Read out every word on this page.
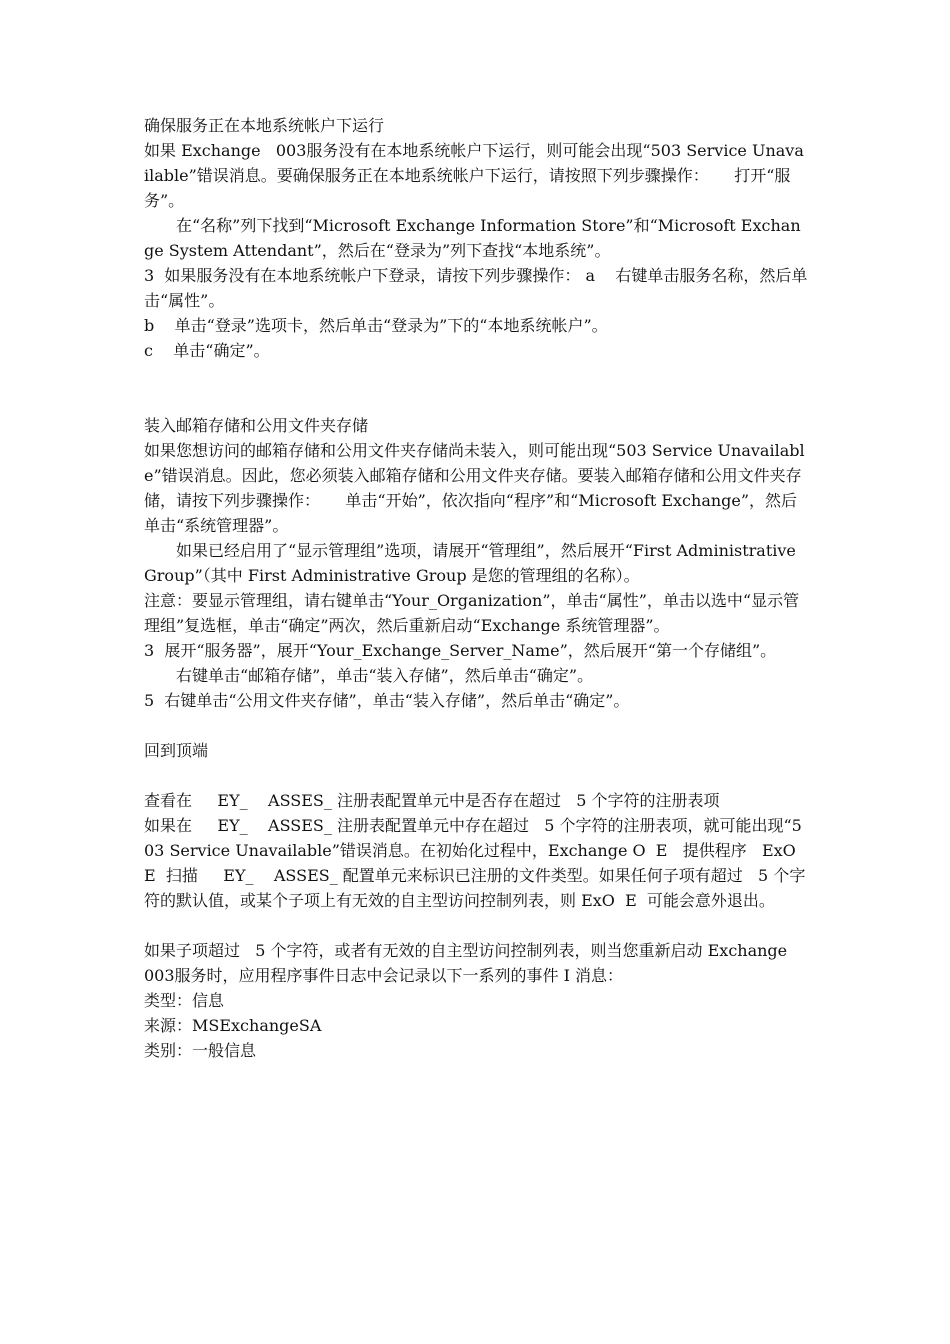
确保服务正在本地系统帐户下运行

如果 Exchange   003服务没有在本地系统帐户下运行，则可能会出现“503 Service Unavailable”错误消息。要确保服务正在本地系统帐户下运行，请按照下列步骤操作：     打开“服务”。

在“名称”列下找到“Microsoft Exchange Information Store”和“Microsoft Exchange System Attendant”，然后在“登录为”列下查找“本地系统”。

3  如果服务没有在本地系统帐户下登录，请按下列步骤操作： a    右键单击服务名称，然后单击“属性”。

b    单击“登录”选项卡，然后单击“登录为”下的“本地系统帐户”。

c    单击“确定”。

装入邮箱存储和公用文件夹存储

如果您想访问的邮箱存储和公用文件夹存储尚未装入，则可能出现“503 Service Unavailable”错误消息。因此，您必须装入邮箱存储和公用文件夹存储。要装入邮箱存储和公用文件夹存储，请按下列步骤操作：     单击“开始”，依次指向“程序”和“Microsoft Exchange”，然后单击“系统管理器”。

如果已经启用了“显示管理组”选项，请展开“管理组”，然后展开“First Administrative Group”（其中 First Administrative Group 是您的管理组的名称）。

注意：要显示管理组，请右键单击“Your_Organization”，单击“属性”，单击以选中“显示管理组”复选框，单击“确定”两次，然后重新启动“Exchange 系统管理器”。

3  展开“服务器”，展开“Your_Exchange_Server_Name”，然后展开“第一个存储组”。

右键单击“邮箱存储”，单击“装入存储”，然后单击“确定”。

5  右键单击“公用文件夹存储”，单击“装入存储”，然后单击“确定”。

回到顶端

查看在     EY_    ASSES_ 注册表配置单元中是否存在超过   5 个字符的注册表项

如果在     EY_    ASSES_ 注册表配置单元中存在超过   5 个字符的注册表项，就可能出现“503 Service Unavailable”错误消息。在初始化过程中，Exchange O  E   提供程序   ExO  E  扫描     EY_    ASSES_ 配置单元来标识已注册的文件类型。如果任何子项有超过   5 个字符的默认值，或某个子项上有无效的自主型访问控制列表，则 ExO  E  可能会意外退出。

如果子项超过   5 个字符，或者有无效的自主型访问控制列表，则当您重新启动 Exchange   003服务时，应用程序事件日志中会记录以下一系列的事件 I 消息：

类型：信息

来源：MSExchangeSA

类别：一般信息
